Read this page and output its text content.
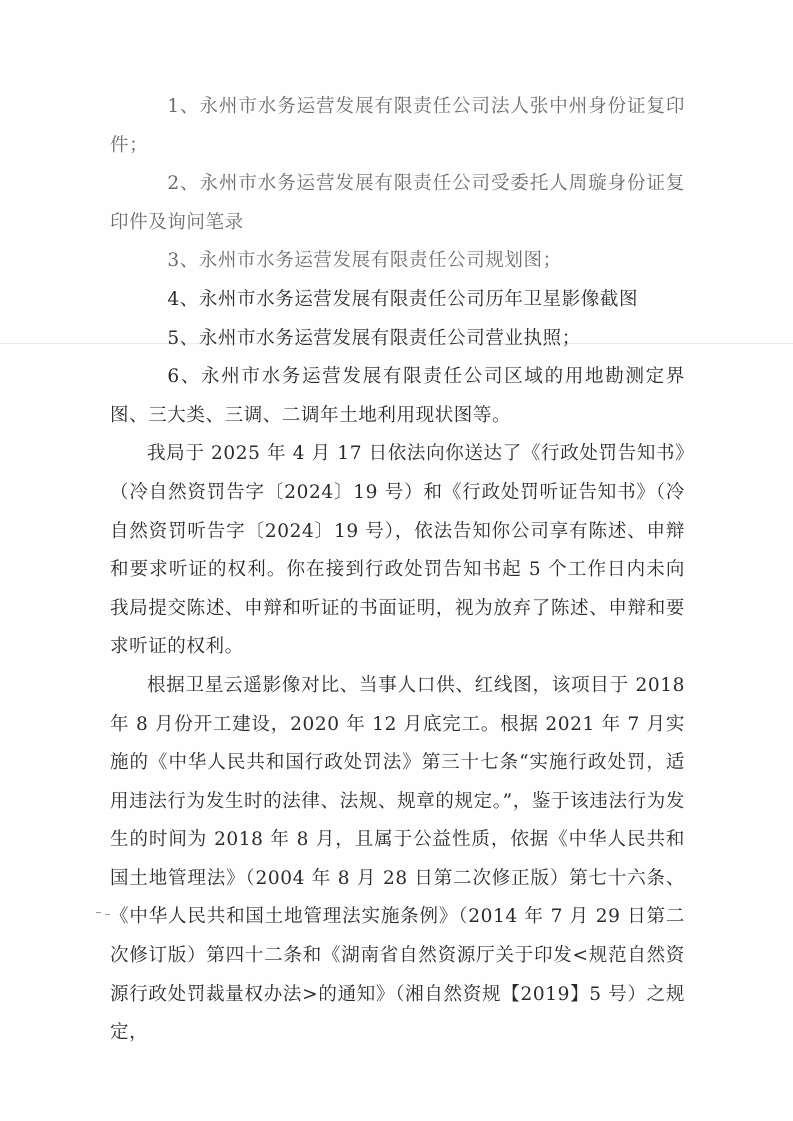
1、永州市水务运营发展有限责任公司法人张中州身份证复印件；

2、永州市水务运营发展有限责任公司受委托人周璇身份证复印件及询问笔录

3、永州市水务运营发展有限责任公司规划图；

4、永州市水务运营发展有限责任公司历年卫星影像截图

5、永州市水务运营发展有限责任公司营业执照；

6、永州市水务运营发展有限责任公司区域的用地勘测定界图、三大类、三调、二调年土地利用现状图等。

我局于 2025 年 4 月 17 日依法向你送达了《行政处罚告知书》（冷自然资罚告字〔2024〕19 号）和《行政处罚听证告知书》（冷自然资罚听告字〔2024〕19 号），依法告知你公司享有陈述、申辩和要求听证的权利。你在接到行政处罚告知书起 5 个工作日内未向我局提交陈述、申辩和听证的书面证明，视为放弃了陈述、申辩和要求听证的权利。

根据卫星云遥影像对比、当事人口供、红线图，该项目于 2018 年 8 月份开工建设，2020 年 12 月底完工。根据 2021 年 7 月实施的《中华人民共和国行政处罚法》第三十七条“实施行政处罚，适用违法行为发生时的法律、法规、规章的规定。”，鉴于该违法行为发生的时间为 2018 年 8 月，且属于公益性质，依据《中华人民共和国土地管理法》（2004 年 8 月 28 日第二次修正版）第七十六条、《中华人民共和国土地管理法实施条例》（2014 年 7 月 29 日第二次修订版）第四十二条和《湖南省自然资源厅关于印发<规范自然资源行政处罚裁量权办法>的通知》（湘自然资规【2019】5 号）之规定，
